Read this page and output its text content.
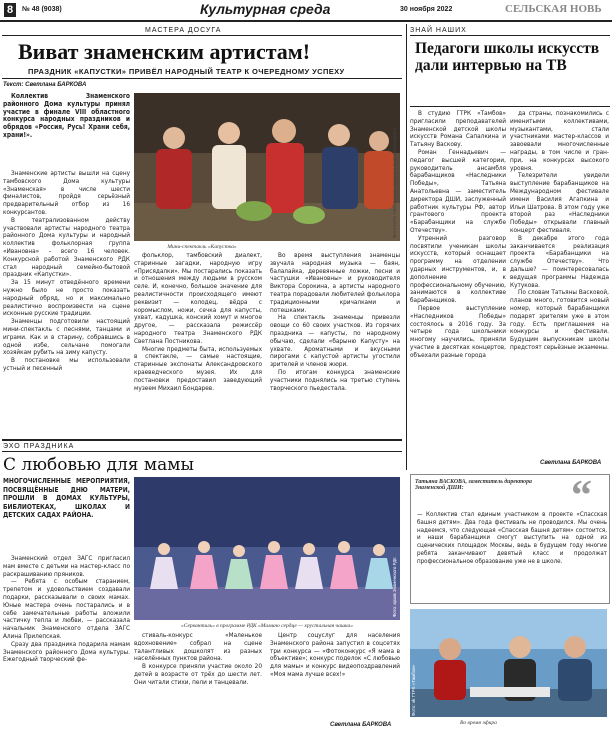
8	№ 48 (9038)	Культурная среда	30 ноября 2022	СЕЛЬСКАЯ НОВЬ
МАСТЕРА ДОСУГА
Виват знаменским артистам!
ПРАЗДНИК «КАПУСТКИ» ПРИВЁЛ НАРОДНЫЙ ТЕАТР К ОЧЕРЕДНОМУ УСПЕХУ
Текст: Светлана БАРКОВА

Коллектив Знаменского районного Дома культуры принял участие в финале VIII областного конкурса народных праздников и обрядов «Россия, Русь! Храни себя, храни!».	Фото взято Тамбовского народного творческого центра

Знаменские артисты вышли на сцену тамбовского Дома культуры «Знаменская» в числе шести финалистов, пройдя серьёзный предварительный отбор из 16 конкурсантов.

В театрализованном действу участвовали артисты народного театра районного Дома культуры и народный коллектив фольклорная группа «Ивановна» – всего 16 человек. Конкурсной работой Знаменского РДК стал народный семейно-бытовой праздник «Капустки».

За 15 минут отведённого времени нужно было не просто показать народный обряд, но и максимально реалистично воспроизвести на сцене исконные русские традиции.

Знаменцы подготовили настоящий мини-спектакль с песнями, танцами и играми. Как и в старину, собравшись в одной избе, сельчане помогали хозяйкам рубить на зиму капусту.

В постановке мы использовали устный и песенный

Мини-спектакль «Капустка»

фольклор, тамбовский диалект, старинные загадки, народную игру «Присядалки». Мы постарались показать и отношения между людьми в русском селе. И, конечно, большое значение для реалистичности происходящего имеют реквизит — колодец, вёдра с коромыслом, ножи, сечка для капусты, ухват, кадушка, конский хомут и многое другое, — рассказала режиссёр народного театра Знаменского РДК Светлана Постникова.

Многие предметы быта, используемых в спектакле, — самые настоящие, старинные экспонаты Александровского краеведческого музея. Их для постановки предоставил заведующий музеем Михаил Бондарев.

Во время выступления знаменцы звучала народная музыка — баян, балалайка, деревянные ложки, песни и частушки «Ивановны» и руководителя Виктора Сорокина, а артисты народного театра порадовали любителей фольклора традиционными кричалками и потешками.

На спектакль знаменцы привезли овощи со 60 своих участков. Из горячих праздника — капусты, по народному обычаю, сделали «барыню Капусту» на ухвате. Ароматными и вкусными пирогами с капустой артисты угостили зрителей и членов жюри.

По итогам конкурса знаменские участники поднялись на третью ступень творческого пьедестала.

ЗНАЙ НАШИХ
Педагоги школы искусств дали интервью на ТВ

В студию ГТРК «Тамбов» пригласили преподавателей Знаменской детской школы искусств Романа Сапалкина и Татьяну Васкову.

Роман Геннадьевич — педагог высшей категории, руководитель ансамбля барабанщиков «Наследники Победы», Татьяна Анатольевна — заместитель директора ДШИ, заслуженный работник культуры РФ, автор грантового проекта «Барабанщики на службе Отечеству».

Утренний разговор посвятили ученикам школы искусств, который оснащает программу на отделении ударных инструментов, и, в дополнение к профессиональному обучению, занимаются в коллективе барабанщиков.

Первое выступление «Наследников Победы» состоялось в 2016 году. За четыре года школьники многому научились, приняли участие в десятках концертов, объехали разные города

да страны, познакомились с именитыми коллективами, музыкантами, стали участниками мастер-классов и завоевали многочисленные награды, в том числе и гран-при, на конкурсах высокого уровня.

Телезрители увидели выступление барабанщиков на Международном фестивале имени Василия Агапкина и Ильи Шатрова. В этом году уже второй раз «Наследники Победы» открывали главный концерт фестиваля.

В декабре этого года заканчивается реализация проекта «Барабанщики на службе Отечеству». Что дальше? — поинтересовалась ведущая программы Надежда Кутукова.

По словам Татьяны Васковой, планов много, готовится новый номер, который барабанщики подарят зрителям уже в этом году. Есть приглашения на конкурсы и фестивали. Будущим выпускникам школы предстоят серьёзные экзамены.

Светлана БАРКОВА
Татьяна ВАСКОВА, заместитель директора Знаменской ДШИ:	“
— Коллектив стал единым участником в проекте «Спасская башня детям». Два года фестиваль не проводился. Мы очень надеемся, что следующая «Спасская башня детям» состоится, и наши барабанщики смогут выступить на одной из сценических площадок Москвы, ведь в будущем году многие ребята заканчивают девятый класс и продолжат профессиональное образование уже не в школе.
Фото: vk ГТРК «Тамбов»
Во время эфира
ЭХО ПРАЗДНИКА
С любовью для мамы
МНОГОЧИСЛЕННЫЕ МЕРОПРИЯТИЯ, ПОСВЯЩЁННЫЕ ДНЮ МАТЕРИ, ПРОШЛИ В ДОМАХ КУЛЬТУРЫ, БИБЛИОТЕКАХ, ШКОЛАХ И ДЕТСКИХ САДАХ РАЙОНА.
Фото: архив Знаменского РДК
«Сервантиль» в программе РДК «Мамино сердце — хрустальная чашка»

Знаменский отдел ЗАГС пригласил мам вместе с детьми на мастер-класс по раскрашиванию пряников.

— Ребята с особым старанием, трепетом и удовольствием создавали подарки, рассказывали о своих мамах. Юные мастера очень постарались и в себе замечательные работы вложили частичку тепла и любви, — рассказала начальник Знаменского отдела ЗАГС Алина Прилепская.

Сразу два праздника подарила мамам Знаменского районного Дома культуры. Ежегодный творческий фе-

стиваль-конкурс «Маленькое вдохновение» собрал на сцене талантливых дошколят из разных населённых пунктов района.

В конкурсе приняли участие около 20 детей в возрасте от трёх до шести лет. Они читали стихи, пели и танцевали.

Центр соцуслуг для населения Знаменского района запустил в соцсетях три конкурса — «Фотоконкурс «Я мама в объективе»; конкурс поделок «С любовью для мамы» и конкурс видеопоздравлений «Моя мама лучше всех!»

Светлана БАРКОВА
